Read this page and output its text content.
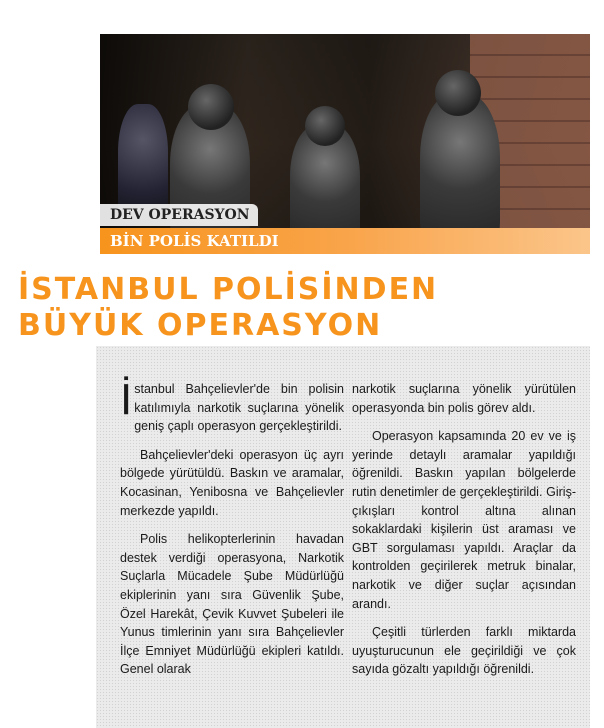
DEV OPERASYON
BİN POLİS KATILDI
İSTANBUL POLİSİNDEN
BÜYÜK OPERASYON

İstanbul Bahçelievler'de bin polisin katılımıyla narkotik suçlarına yönelik geniş çaplı operasyon gerçekleştirildi.

Bahçelievler'deki operasyon üç ayrı bölgede yürütüldü. Baskın ve aramalar, Kocasinan, Yenibosna ve Bahçelievler merkezde yapıldı.

Polis helikopterlerinin havadan destek verdiği operasyona, Narkotik Suçlarla Mücadele Şube Müdürlüğü ekiplerinin yanı sıra Güvenlik Şube, Özel Harekât, Çevik Kuvvet Şubeleri ile Yunus timlerinin yanı sıra Bahçelievler İlçe Emniyet Müdürlüğü ekipleri katıldı. Genel olarak

narkotik suçlarına yönelik yürütülen operasyonda bin polis görev aldı.

Operasyon kapsamında 20 ev ve iş yerinde detaylı aramalar yapıldığı öğrenildi. Baskın yapılan bölgelerde rutin denetimler de gerçekleştirildi. Giriş-çıkışları kontrol altına alınan sokaklardaki kişilerin üst araması ve GBT sorgulaması yapıldı. Araçlar da kontrolden geçirilerek metruk binalar, narkotik ve diğer suçlar açısından arandı.

Çeşitli türlerden farklı miktarda uyuşturucunun ele geçirildiği ve çok sayıda gözaltı yapıldığı öğrenildi.
